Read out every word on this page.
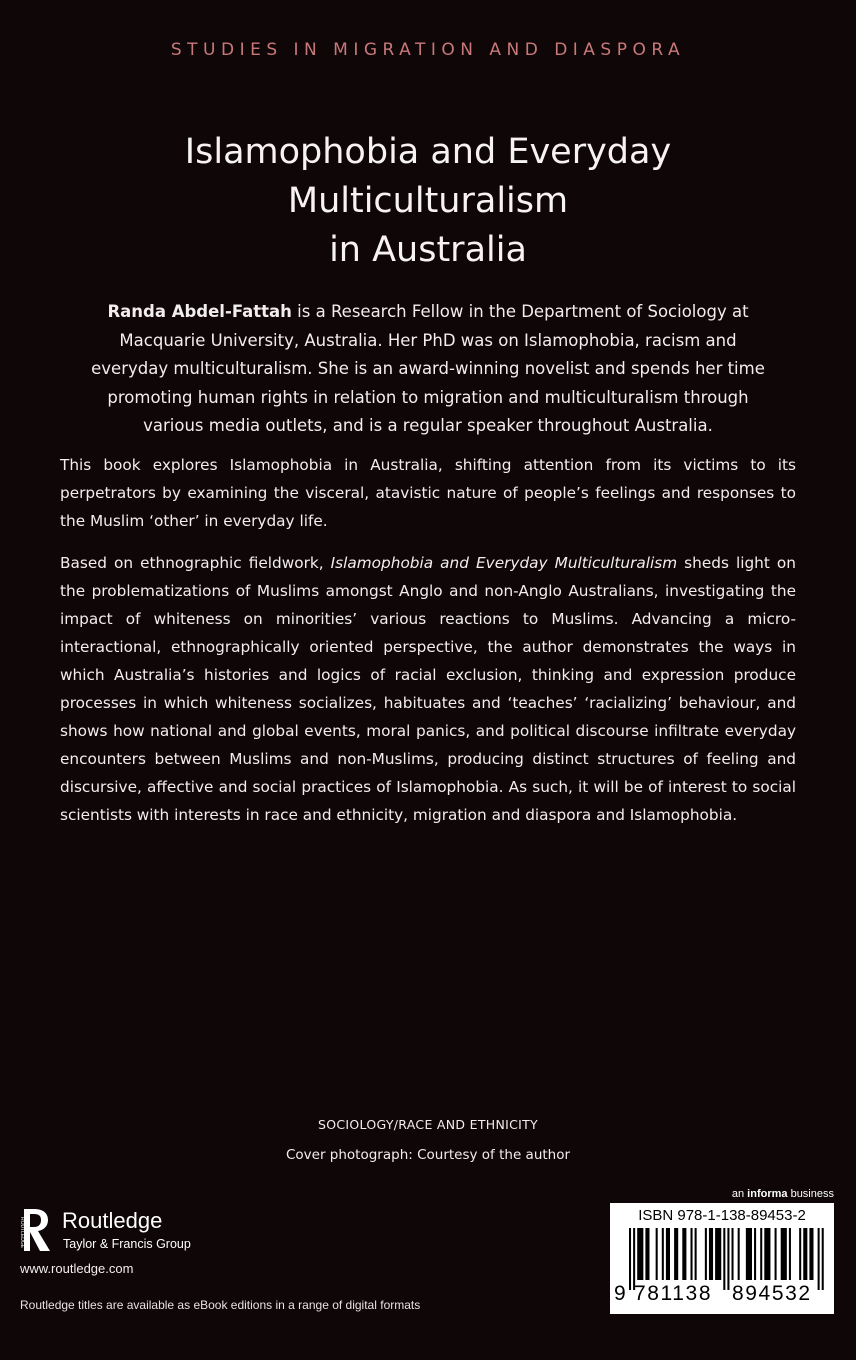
STUDIES IN MIGRATION AND DIASPORA
Islamophobia and Everyday
Multiculturalism
in Australia

Randa Abdel-Fattah is a Research Fellow in the Department of Sociology at Macquarie University, Australia. Her PhD was on Islamophobia, racism and everyday multiculturalism. She is an award-winning novelist and spends her time promoting human rights in relation to migration and multiculturalism through various media outlets, and is a regular speaker throughout Australia.

This book explores Islamophobia in Australia, shifting attention from its victims to its perpetrators by examining the visceral, atavistic nature of people’s feelings and responses to the Muslim ‘other’ in everyday life.

Based on ethnographic fieldwork, Islamophobia and Everyday Multiculturalism sheds light on the problematizations of Muslims amongst Anglo and non-Anglo Australians, investigating the impact of whiteness on minorities’ various reactions to Muslims. Advancing a micro-interactional, ethnographically oriented perspective, the author demonstrates the ways in which Australia’s histories and logics of racial exclusion, thinking and expression produce processes in which whiteness socializes, habituates and ‘teaches’ ‘racializing’ behaviour, and shows how national and global events, moral panics, and political discourse infiltrate everyday encounters between Muslims and non-Muslims, producing distinct structures of feeling and discursive, affective and social practices of Islamophobia. As such, it will be of interest to social scientists with interests in race and ethnicity, migration and diaspora and Islamophobia.

SOCIOLOGY/RACE AND ETHNICITY
Cover photograph: Courtesy of the author
ROUTLEDGE Routledge
Taylor & Francis Group
www.routledge.com
Routledge titles are available as eBook editions in a range of digital formats
an informa business
ISBN 978-1-138-89453-2
9 781138 894532
